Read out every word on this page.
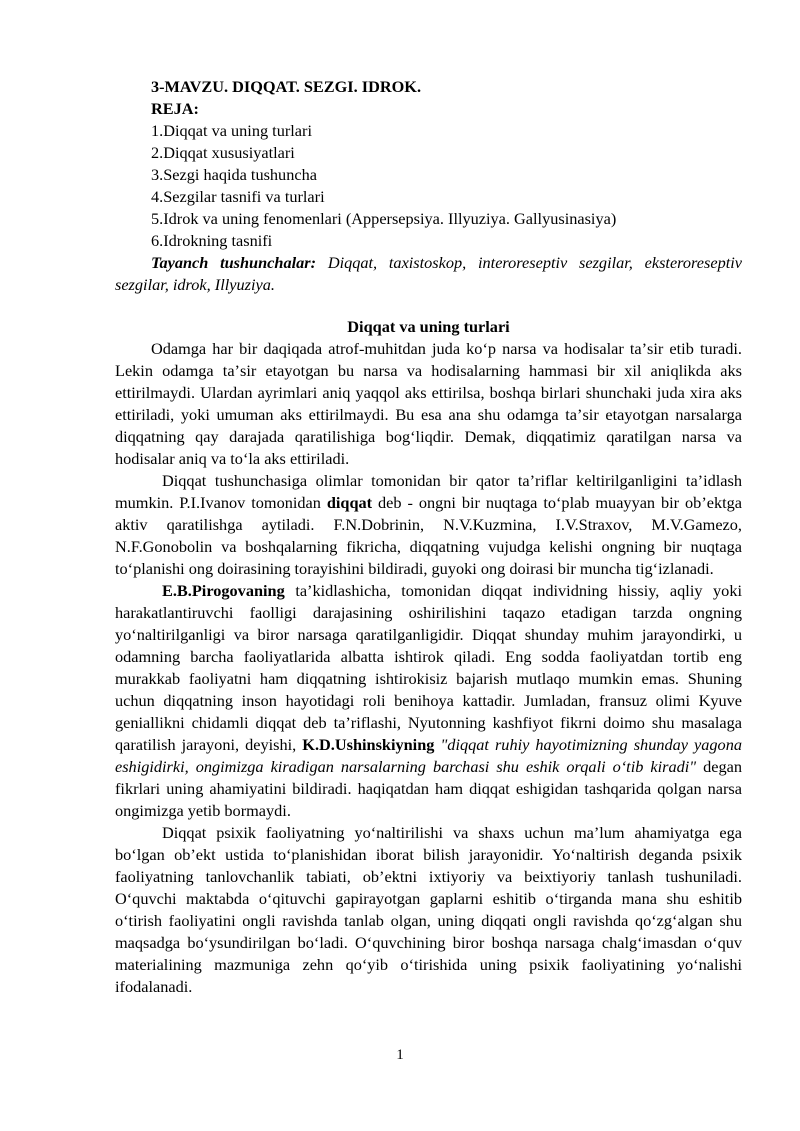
3-MAVZU. DIQQAT. SEZGI. IDROK.
REJA:
1.Diqqat va uning turlari
2.Diqqat xususiyatlari
3.Sezgi haqida tushuncha
4.Sezgilar tasnifi va turlari
5.Idrok va uning fenomenlari (Appersepsiya. Illyuziya. Gallyusinasiya)
6.Idrokning tasnifi

Tayanch tushunchalar: Diqqat, taxistoskop, interoreseptiv sezgilar, eksteroreseptiv sezgilar, idrok, Illyuziya.

Diqqat va uning turlari

Odamga har bir daqiqada atrof-muhitdan juda koʻp narsa va hodisalar taʼsir etib turadi. Lekin odamga taʼsir etayotgan bu narsa va hodisalarning hammasi bir xil aniqlikda aks ettirilmaydi. Ulardan ayrimlari aniq yaqqol aks ettirilsa, boshqa birlari shunchaki juda xira aks ettiriladi, yoki umuman aks ettirilmaydi. Bu esa ana shu odamga taʼsir etayotgan narsalarga diqqatning qay darajada qaratilishiga bogʻliqdir. Demak, diqqatimiz qaratilgan narsa va hodisalar aniq va toʻla aks ettiriladi.

Diqqat tushunchasiga olimlar tomonidan bir qator taʼriflar keltirilganligini taʼidlash mumkin. P.I.Ivanov tomonidan diqqat deb - ongni bir nuqtaga toʻplab muayyan bir obʼektga aktiv qaratilishga aytiladi. F.N.Dobrinin, N.V.Kuzmina, I.V.Straxov, M.V.Gamezo, N.F.Gonobolin va boshqalarning fikricha, diqqatning vujudga kelishi ongning bir nuqtaga toʻplanishi ong doirasining torayishini bildiradi, guyoki ong doirasi bir muncha tigʻizlanadi.

E.B.Pirogovaning taʼkidlashicha, tomonidan diqqat individning hissiy, aqliy yoki harakatlantiruvchi faolligi darajasining oshirilishini taqazo etadigan tarzda ongning yoʻnaltirilganligi va biror narsaga qaratilganligidir. Diqqat shunday muhim jarayondirki, u odamning barcha faoliyatlarida albatta ishtirok qiladi. Eng sodda faoliyatdan tortib eng murakkab faoliyatni ham diqqatning ishtirokisiz bajarish mutlaqo mumkin emas. Shuning uchun diqqatning inson hayotidagi roli benihoya kattadir. Jumladan, fransuz olimi Kyuve geniallikni chidamli diqqat deb taʼriflashi, Nyutonning kashfiyot fikrni doimo shu masalaga qaratilish jarayoni, deyishi, K.D.Ushinskiyning "diqqat ruhiy hayotimizning shunday yagona eshigidirki, ongimizga kiradigan narsalarning barchasi shu eshik orqali oʻtib kiradi" degan fikrlari uning ahamiyatini bildiradi. haqiqatdan ham diqqat eshigidan tashqarida qolgan narsa ongimizga yetib bormaydi.

Diqqat psixik faoliyatning yoʻnaltirilishi va shaxs uchun maʼlum ahamiyatga ega boʻlgan obʼekt ustida toʻplanishidan iborat bilish jarayonidir. Yoʻnaltirish deganda psixik faoliyatning tanlovchanlik tabiati, obʼektni ixtiyoriy va beixtiyoriy tanlash tushuniladi. Oʻquvchi maktabda oʻqituvchi gapirayotgan gaplarni eshitib oʻtirganda mana shu eshitib oʻtirish faoliyatini ongli ravishda tanlab olgan, uning diqqati ongli ravishda qoʻzgʻalgan shu maqsadga boʻysundirilgan boʻladi. Oʻquvchining biror boshqa narsaga chalgʻimasdan oʻquv materialining mazmuniga zehn qoʻyib oʻtirishida uning psixik faoliyatining yoʻnalishi ifodalanadi.

1
